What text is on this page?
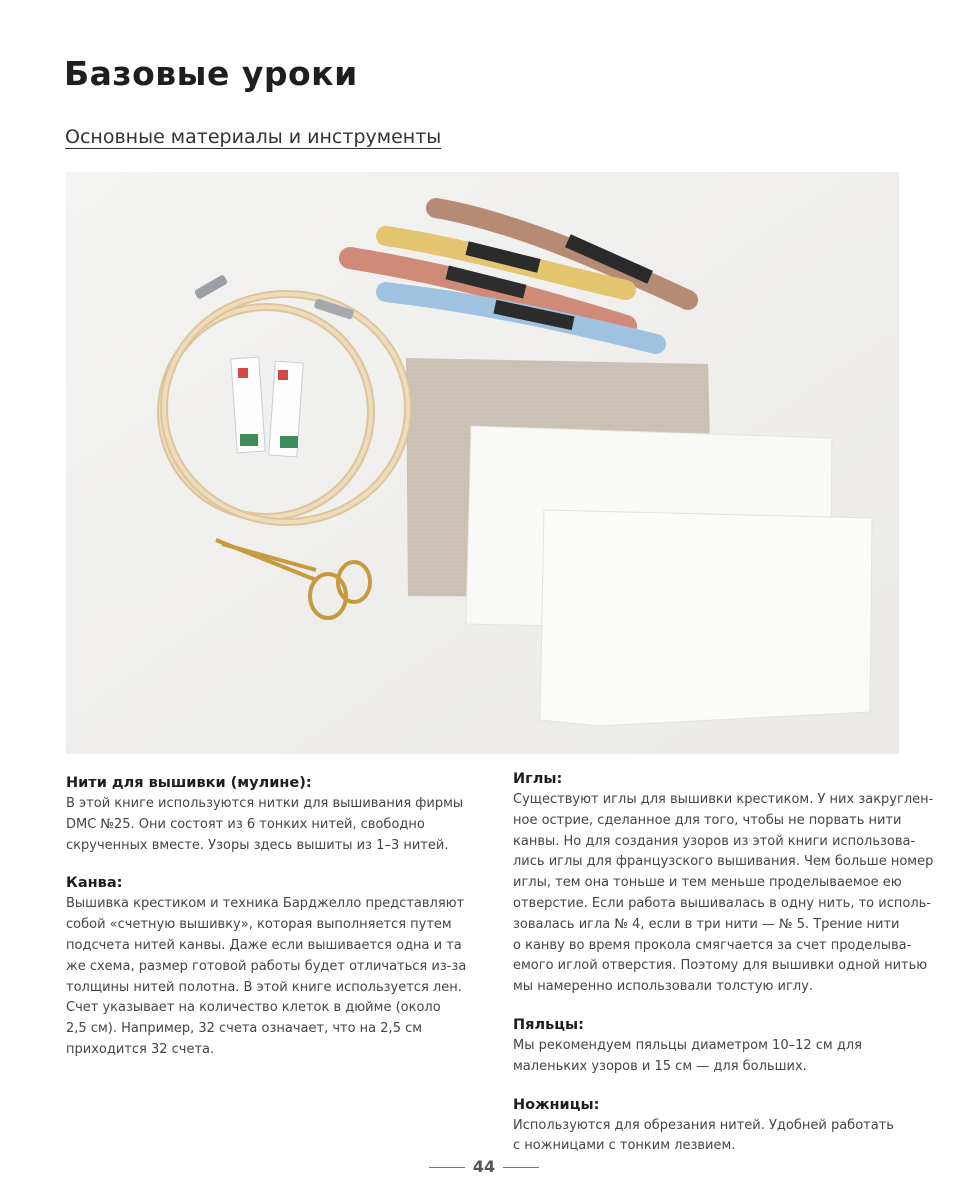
Базовые уроки
Основные материалы и инструменты
Нити для вышивки (мулине):
В этой книге используются нитки для вышивания фирмы
DMC №25. Они состоят из 6 тонких нитей, свободно
скрученных вместе. Узоры здесь вышиты из 1–3 нитей.
Канва:
Вышивка крестиком и техника Барджелло представляют
собой «счетную вышивку», которая выполняется путем
подсчета нитей канвы. Даже если вышивается одна и та
же схема, размер готовой работы будет отличаться из-за
толщины нитей полотна. В этой книге используется лен.
Счет указывает на количество клеток в дюйме (около
2,5 см). Например, 32 счета означает, что на 2,5 см
приходится 32 счета.
Иглы:
Существуют иглы для вышивки крестиком. У них закруглен-
ное острие, сделанное для того, чтобы не порвать нити
канвы. Но для создания узоров из этой книги использова-
лись иглы для французского вышивания. Чем больше номер
иглы, тем она тоньше и тем меньше проделываемое ею
отверстие. Если работа вышивалась в одну нить, то исполь-
зовалась игла № 4, если в три нити — № 5. Трение нити
о канву во время прокола смягчается за счет проделыва-
емого иглой отверстия. Поэтому для вышивки одной нитью
мы намеренно использовали толстую иглу.
Пяльцы:
Мы рекомендуем пяльцы диаметром 10–12 см для
маленьких узоров и 15 см — для больших.
Ножницы:
Используются для обрезания нитей. Удобней работать
с ножницами с тонким лезвием.
44
